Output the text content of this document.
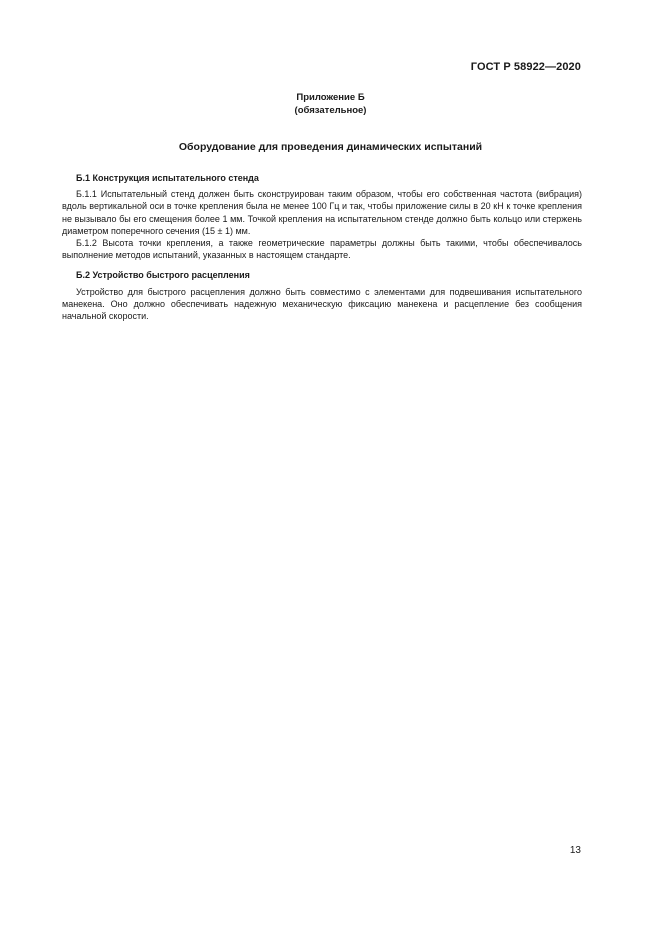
ГОСТ Р 58922—2020
Приложение Б
(обязательное)
Оборудование для проведения динамических испытаний

Б.1 Конструкция испытательного стенда

Б.1.1 Испытательный стенд должен быть сконструирован таким образом, чтобы его собственная частота (вибрация) вдоль вертикальной оси в точке крепления была не менее 100 Гц и так, чтобы приложение силы в 20 кН к точке крепления не вызывало бы его смещения более 1 мм. Точкой крепления на испытательном стенде должно быть кольцо или стержень диаметром поперечного сечения (15 ± 1) мм.

Б.1.2 Высота точки крепления, а также геометрические параметры должны быть такими, чтобы обеспечивалось выполнение методов испытаний, указанных в настоящем стандарте.

Б.2 Устройство быстрого расцепления

Устройство для быстрого расцепления должно быть совместимо с элементами для подвешивания испытательного манекена. Оно должно обеспечивать надежную механическую фиксацию манекена и расцепление без сообщения начальной скорости.

13
